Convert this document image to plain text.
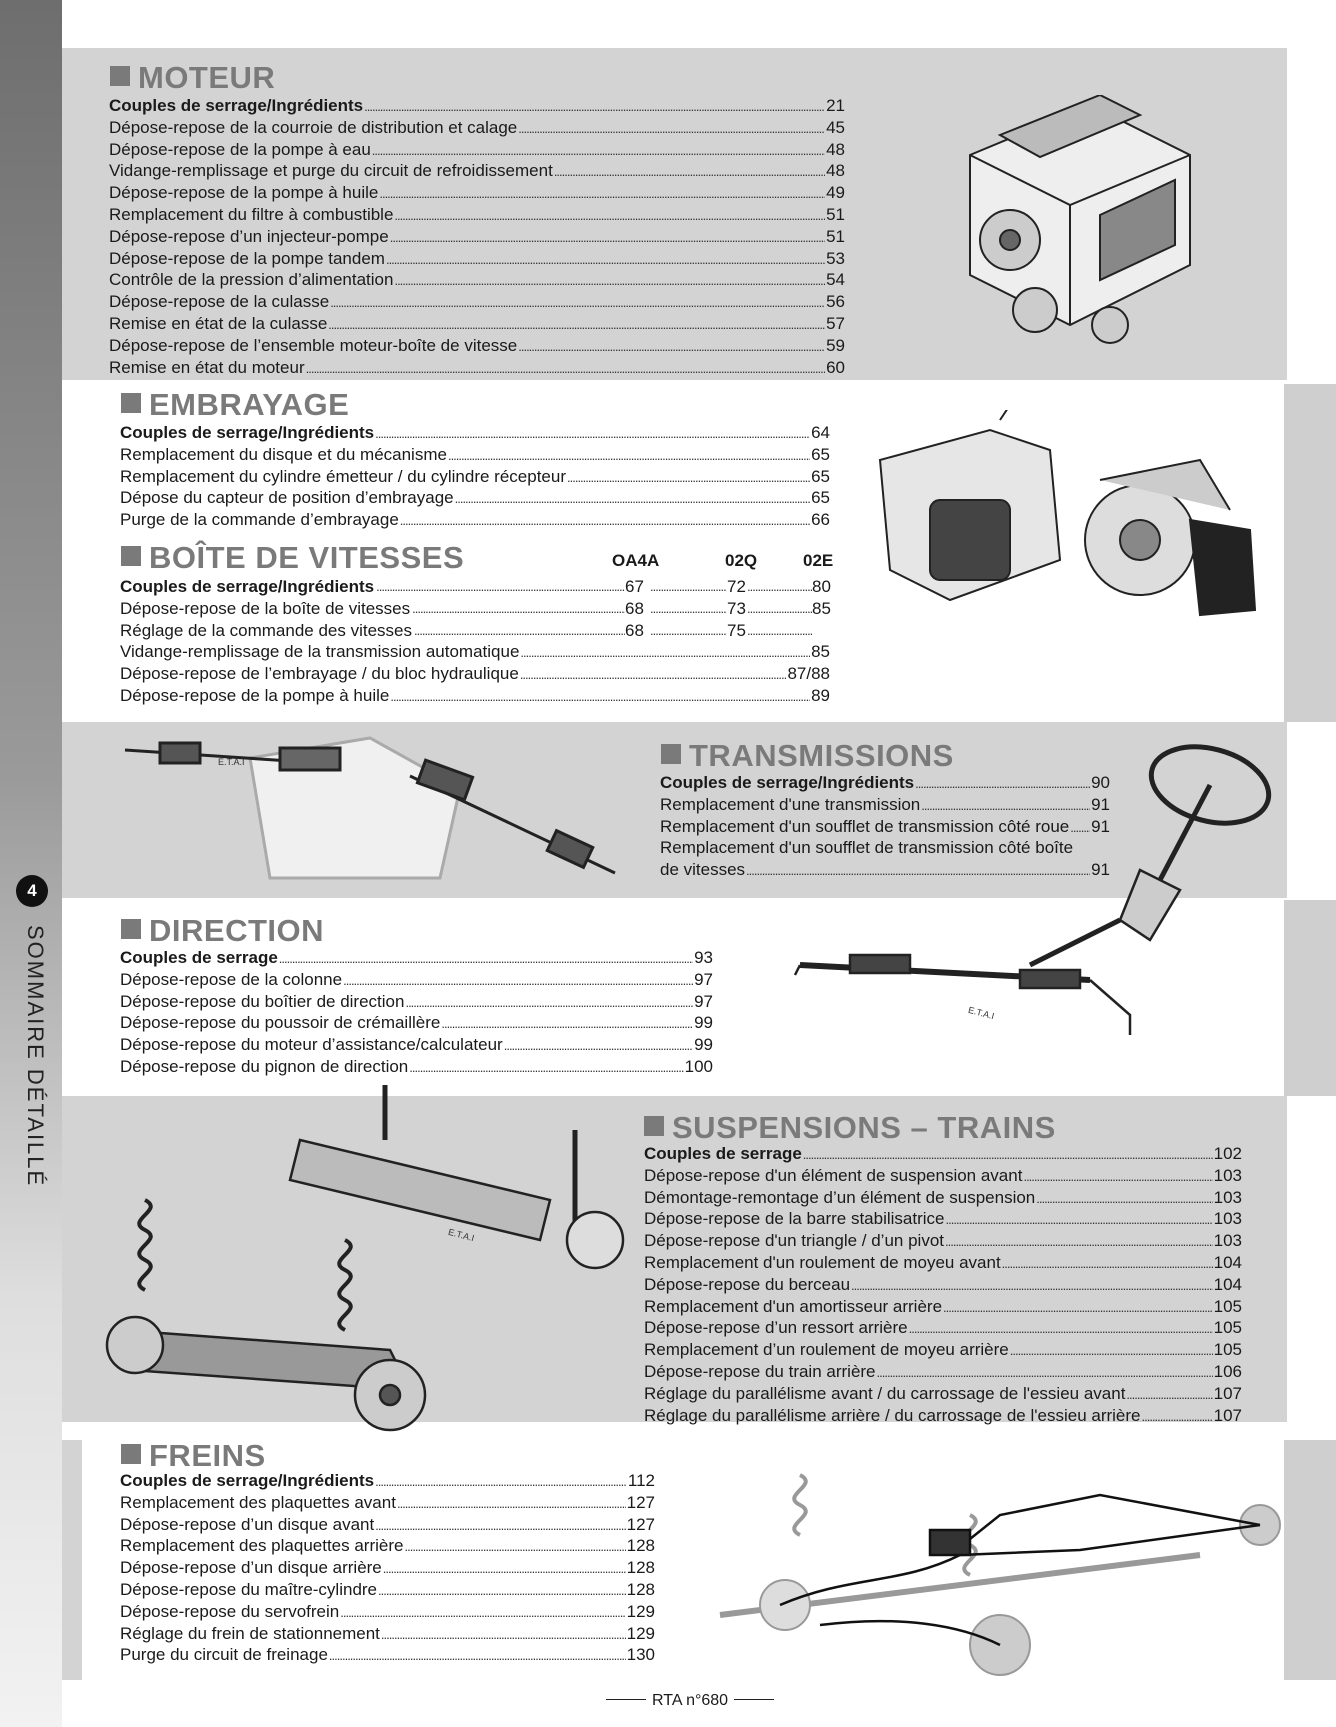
4
SOMMAIRE DÉTAILLÉ
MOTEUR
EMBRAYAGE
BOÎTE DE VITESSES
TRANSMISSIONS
DIRECTION
SUSPENSIONS – TRAINS
FREINS
Couples de serrage/Ingrédients .....	21
Dépose-repose de la courroie de distribution et calage .....	45
Dépose-repose de la pompe à eau .....	48
Vidange-remplissage et purge du circuit de refroidissement .....	48
Dépose-repose de la pompe à huile .....	49
Remplacement du filtre à combustible .....	51
Dépose-repose d’un injecteur-pompe .....	51
Dépose-repose de la pompe tandem .....	53
Contrôle de la pression d’alimentation .....	54
Dépose-repose de la culasse .....	56
Remise en état de la culasse .....	57
Dépose-repose de l’ensemble moteur-boîte de vitesse .....	59
Remise en état du moteur .....	60
Couples de serrage/Ingrédients .....	64
Remplacement du disque et du mécanisme .....	65
Remplacement du cylindre émetteur / du cylindre récepteur .....	65
Dépose du capteur de position d’embrayage .....	65
Purge de la commande d’embrayage .....	66
Vidange-remplissage de la transmission automatique .....	85
Dépose-repose de l’embrayage / du bloc hydraulique .....	87/88
Dépose-repose de la pompe à huile .....	89
Couples de serrage/Ingrédients .....	90
Remplacement d'une transmission .....	91
Remplacement d'un soufflet de transmission côté roue ..... 91
Remplacement d'un soufflet de transmission côté boîte
de vitesses .....	91
Couples de serrage .....	93
Dépose-repose de la colonne .....	97
Dépose-repose du boîtier de direction .....	97
Dépose-repose du poussoir de crémaillère .....	99
Dépose-repose du moteur d’assistance/calculateur .....	99
Dépose-repose du pignon de direction .....	100
Couples de serrage .....	102
Dépose-repose d'un élément de suspension avant .....	103
Démontage-remontage d’un élément de suspension .....	103
Dépose-repose de la barre stabilisatrice .....	103
Dépose-repose d'un triangle / d’un pivot .....	103
Remplacement d'un roulement de moyeu avant .....	104
Dépose-repose du berceau .....	104
Remplacement d'un amortisseur arrière .....	105
Dépose-repose d’un ressort arrière .....	105
Remplacement d’un roulement de moyeu arrière .....	105
Dépose-repose du train arrière .....	106
Réglage du parallélisme avant / du carrossage de l'essieu avant .....	107
Réglage du parallélisme arrière / du carrossage de l'essieu arrière .....	107
Couples de serrage/Ingrédients .....	112
Remplacement des plaquettes avant .....	127
Dépose-repose d’un disque avant .....	127
Remplacement des plaquettes arrière .....	128
Dépose-repose d’un disque arrière .....	128
Dépose-repose du maître-cylindre .....	128
Dépose-repose du servofrein .....	129
Réglage du frein de stationnement .....	129
Purge du circuit de freinage .....	130
OA4A	02Q	02E
Couples de serrage/Ingrédients .....	67 .....	72 .....	80
Dépose-repose de la boîte de vitesses .....	68 .....	73 .....	85
Réglage de la commande des vitesses .....	68 .....	75
.....
E.T.A.I
E.T.A.I
E.T.A.I
RTA n°680
